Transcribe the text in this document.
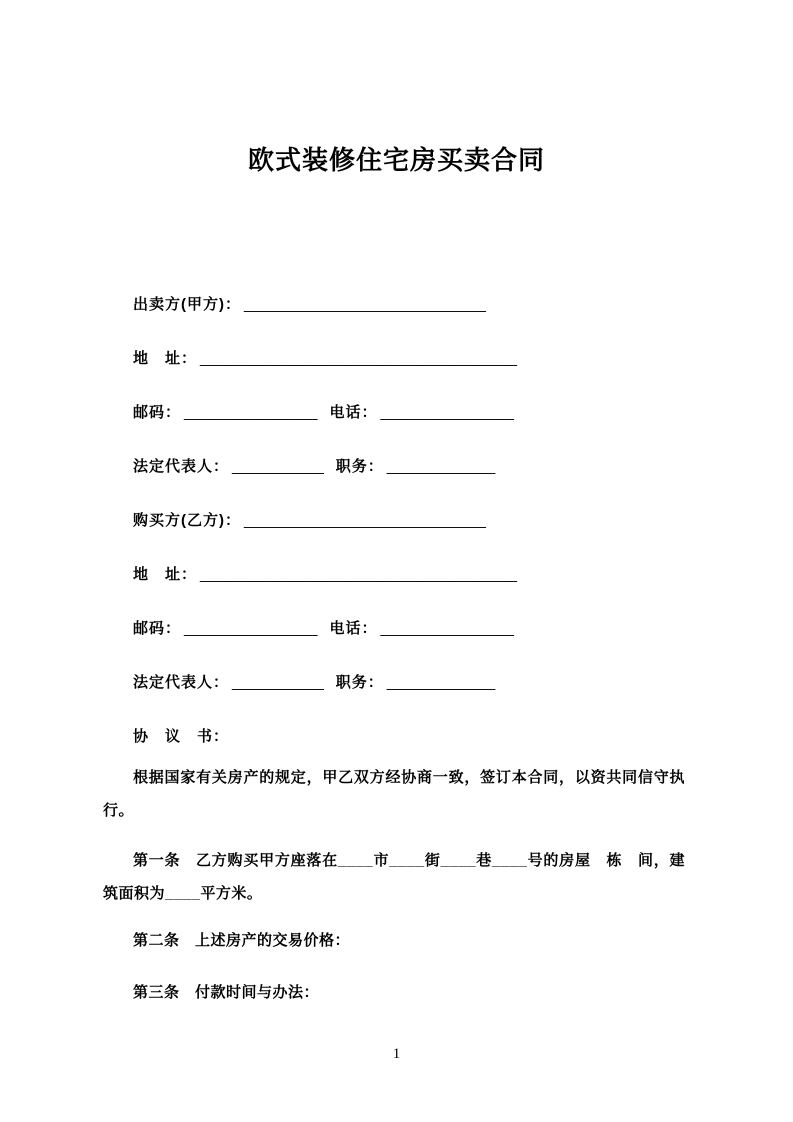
欧式装修住宅房买卖合同
出卖方(甲方)： _____________________________
地　址： ______________________________________
邮码： ________________ 电话： ________________
法定代表人： ___________ 职务： _____________
购买方(乙方)： _____________________________
地　址： ______________________________________
邮码： ________________ 电话： ________________
法定代表人： ___________ 职务： _____________
协　议　书：
根据国家有关房产的规定，甲乙双方经协商一致，签订本合同，以资共同信守执行。
第一条　乙方购买甲方座落在____市____街____巷____号的房屋　栋　间，建筑面积为____平方米。
第二条　上述房产的交易价格：
第三条　付款时间与办法：
1
